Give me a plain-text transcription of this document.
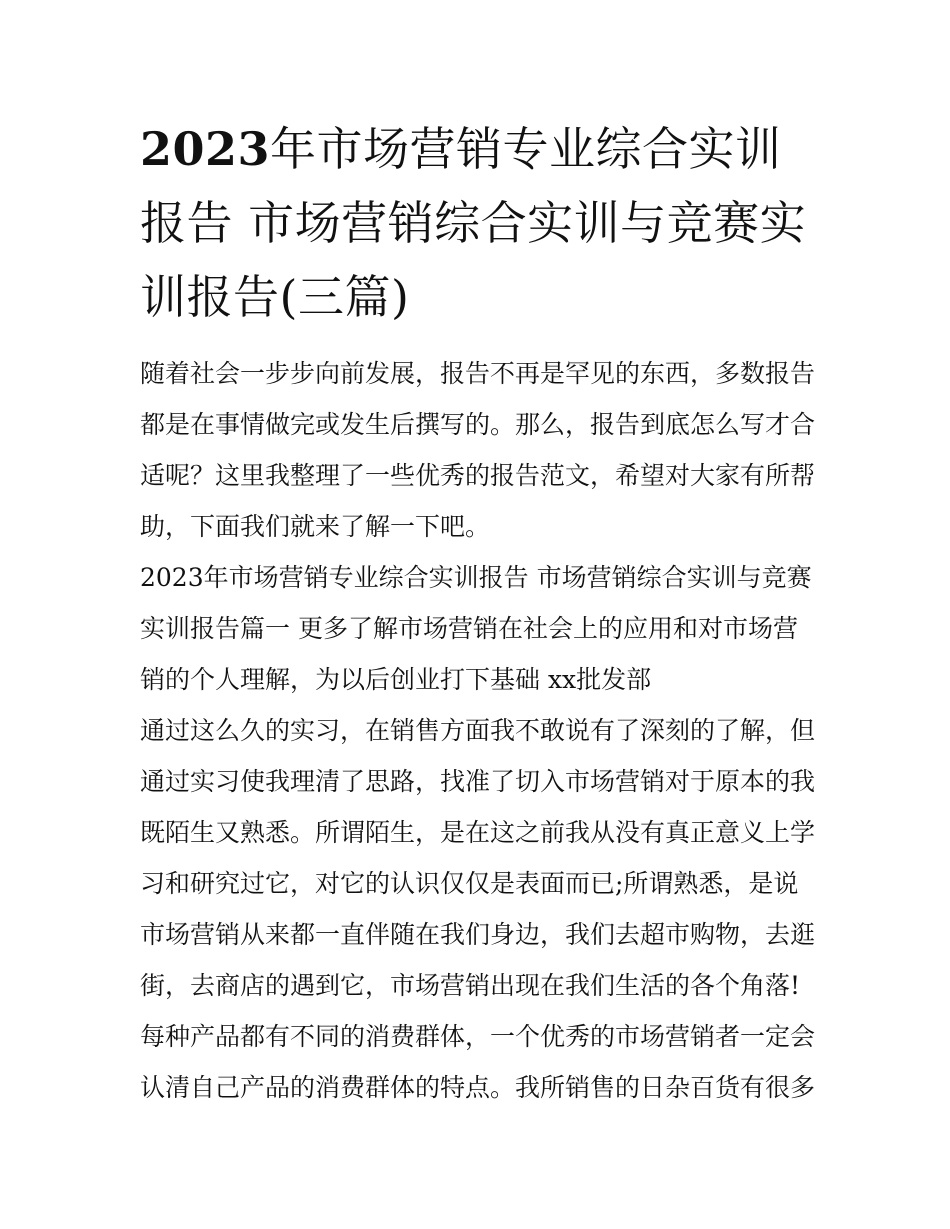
2023年市场营销专业综合实训报告 市场营销综合实训与竞赛实训报告(三篇)

随着社会一步步向前发展，报告不再是罕见的东西，多数报告都是在事情做完或发生后撰写的。那么，报告到底怎么写才合适呢？这里我整理了一些优秀的报告范文，希望对大家有所帮助，下面我们就来了解一下吧。

2023年市场营销专业综合实训报告 市场营销综合实训与竞赛实训报告篇一 更多了解市场营销在社会上的应用和对市场营销的个人理解，为以后创业打下基础 xx批发部

通过这么久的实习，在销售方面我不敢说有了深刻的了解，但通过实习使我理清了思路，找准了切入市场营销对于原本的我既陌生又熟悉。所谓陌生，是在这之前我从没有真正意义上学习和研究过它，对它的认识仅仅是表面而已;所谓熟悉，是说市场营销从来都一直伴随在我们身边，我们去超市购物，去逛街，去商店的遇到它，市场营销出现在我们生活的各个角落!每种产品都有不同的消费群体，一个优秀的市场营销者一定会认清自己产品的消费群体的特点。我所销售的日杂百货有很多
